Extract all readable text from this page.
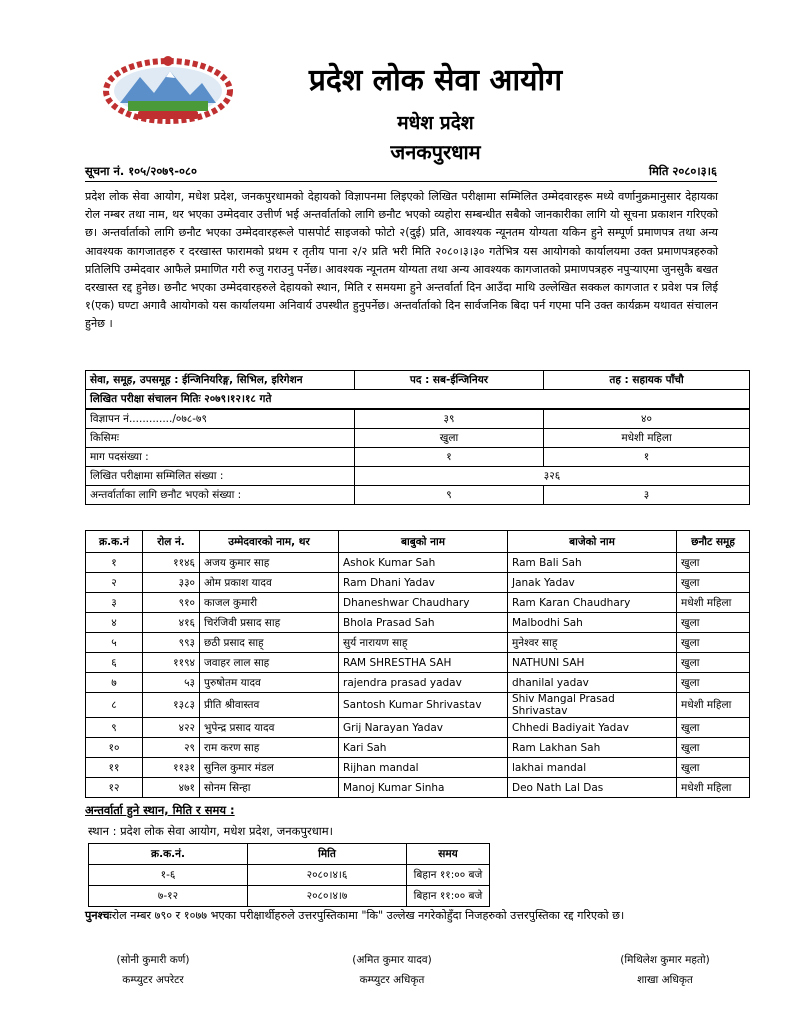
प्रदेश लोक सेवा आयोग
मधेश प्रदेश
जनकपुरधाम
सूचना नं. १०५/२०७९-०८०	मिति २०८०।३।६
प्रदेश लोक सेवा आयोग, मधेश प्रदेश, जनकपुरधामको देहायको विज्ञापनमा लिइएको लिखित परीक्षामा सम्मिलित उम्मेदवारहरू मध्ये वर्णानुक्रमानुसार देहायका रोल नम्बर तथा नाम, थर भएका उम्मेदवार उत्तीर्ण भई अन्तर्वार्ताको लागि छनौट भएको व्यहोरा सम्बन्धीत सबैको जानकारीका लागि यो सूचना प्रकाशन गरिएको छ। अन्तर्वार्ताको लागि छनौट भएका उम्मेदवारहरूले पासपोर्ट साइजको फोटो २(दुई) प्रति, आवश्यक न्यूनतम योग्यता यकिन हुने सम्पूर्ण प्रमाणपत्र तथा अन्य आवश्यक कागजातहरु र दरखास्त फारामको प्रथम र तृतीय पाना २/२ प्रति भरी मिति २०८०।३।३० गतेभित्र यस आयोगको कार्यालयमा उक्त प्रमाणपत्रहरुको प्रतिलिपि उम्मेदवार आफैले प्रमाणित गरी रुजु गराउनु पर्नेछ। आवश्यक न्यूनतम योग्यता तथा अन्य आवश्यक कागजातको प्रमाणपत्रहरु नपुर्‍याएमा जुनसुकै बखत दरखास्त रद्द हुनेछ। छनौट भएका उम्मेदवारहरुले देहायको स्थान, मिति र समयमा हुने अन्तर्वार्ता दिन आउँदा माथि उल्लेखित सक्कल कागजात र प्रवेश पत्र लिई १(एक) घण्टा अगावै आयोगको यस कार्यालयमा अनिवार्य उपस्थीत हुनुपर्नेछ। अन्तर्वार्ताको दिन सार्वजनिक बिदा पर्न गएमा पनि उक्त कार्यक्रम यथावत संचालन हुनेछ ।
सेवा, समूह, उपसमूह : ईन्जिनियरिङ्ग, सिभिल, इरिगेशन	पद : सब-ईन्जिनियर	तह : सहायक पाँचौ
लिखित परीक्षा संचालन मितिः २०७९।१२।१८ गते		
विज्ञापन नं............./०७८-७९	३९	४०
किसिमः	खुला	मधेशी महिला
माग पदसंख्या :	१	१
लिखित परीक्षामा सम्मिलित संख्या :	३२६	
अन्तर्वार्ताका लागि छनौट भएको संख्या :	९	३
क्र.क.नं	रोल नं.	उम्मेदवारको नाम, थर	बाबुको नाम	बाजेको नाम	छनौट समूह
१	११४६	अजय कुमार साह	Ashok Kumar Sah	Ram Bali Sah	खुला
२	३३०	ओम प्रकाश यादव	Ram Dhani Yadav	Janak Yadav	खुला
३	९१०	काजल कुमारी	Dhaneshwar Chaudhary	Ram Karan Chaudhary	मधेशी महिला
४	४१६	चिरंजिवी प्रसाद साह	Bhola Prasad Sah	Malbodhi Sah	खुला
५	९९३	छठी प्रसाद साह्	सुर्य नारायण साह्	मुनेश्वर साह्	खुला
६	११९४	जवाहर लाल साह	RAM SHRESTHA SAH	NATHUNI SAH	खुला
७	५३	पुरुषोतम यादव	rajendra prasad yadav	dhanilal yadav	खुला
८	१३८३	प्रीति श्रीवास्तव	Santosh Kumar Shrivastav	Shiv Mangal Prasad Shrivastav	मधेशी महिला
९	४२२	भुपेन्द्र प्रसाद यादव	Grij Narayan Yadav	Chhedi Badiyait Yadav	खुला
१०	२९	राम करण साह	Kari Sah	Ram Lakhan Sah	खुला
११	११३१	सुनिल कुमार मंडल	Rijhan mandal	lakhai mandal	खुला
१२	४७१	सोनम सिन्हा	Manoj Kumar Sinha	Deo Nath Lal Das	मधेशी महिला
अन्तर्वार्ता हुने स्थान, मिति र समय :
स्थान : प्रदेश लोक सेवा आयोग, मधेश प्रदेश, जनकपुरधाम।
क्र.क.नं.	मिति	समय
१-६	२०८०।४।६	बिहान ११:०० बजे
७-१२	२०८०।४।७	बिहान ११:०० बजे
पुनश्चःरोल नम्बर ७९० र १०७७ भएका परीक्षार्थीहरुले उत्तरपुस्तिकामा "कि" उल्लेख नगरेकोहुँदा निजहरुको उत्तरपुस्तिका रद्द गरिएको छ।
(सोनी कुमारी कर्ण)
कम्प्युटर अपरेटर
(अमित कुमार यादव)
कम्प्युटर अधिकृत
(मिथिलेश कुमार महतो)
शाखा अधिकृत
